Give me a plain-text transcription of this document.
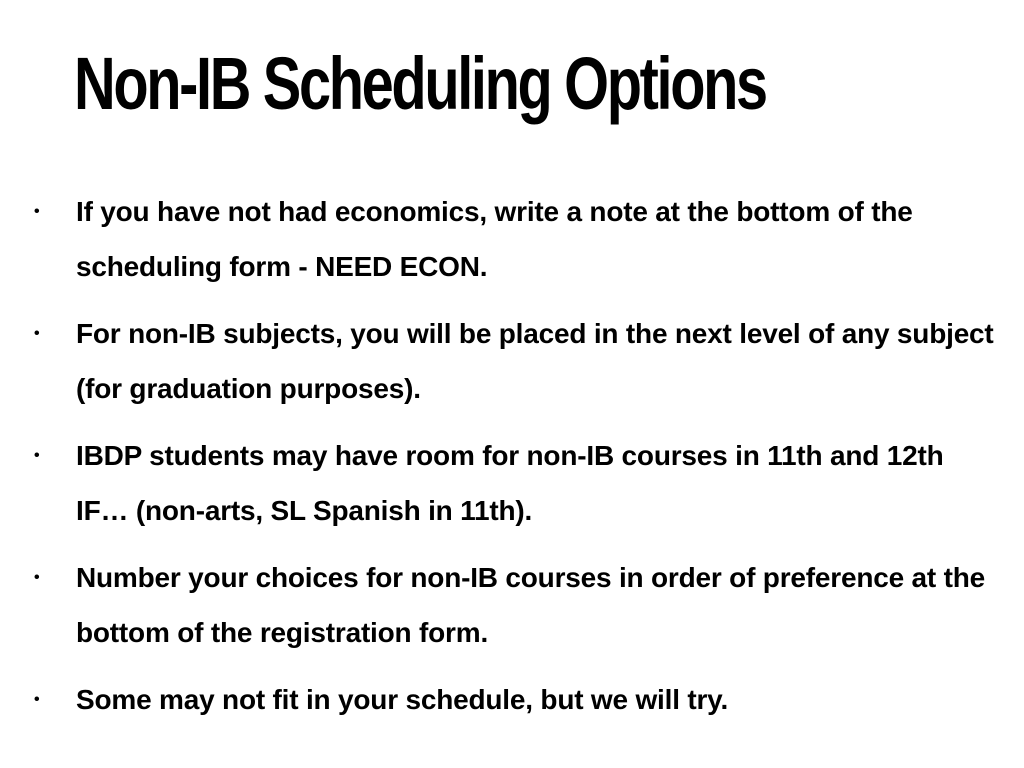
Non-IB Scheduling Options
•	If you have not had economics, write a note at the bottom of the scheduling form - NEED ECON.
•	For non-IB subjects, you will be placed in the next level of any subject (for graduation purposes).
•	IBDP students may have room for non-IB courses in 11th and 12th IF… (non-arts, SL Spanish in 11th).
•	Number your choices for non-IB courses in order of preference at the bottom of the registration form.
•	Some may not fit in your schedule, but we will try.
